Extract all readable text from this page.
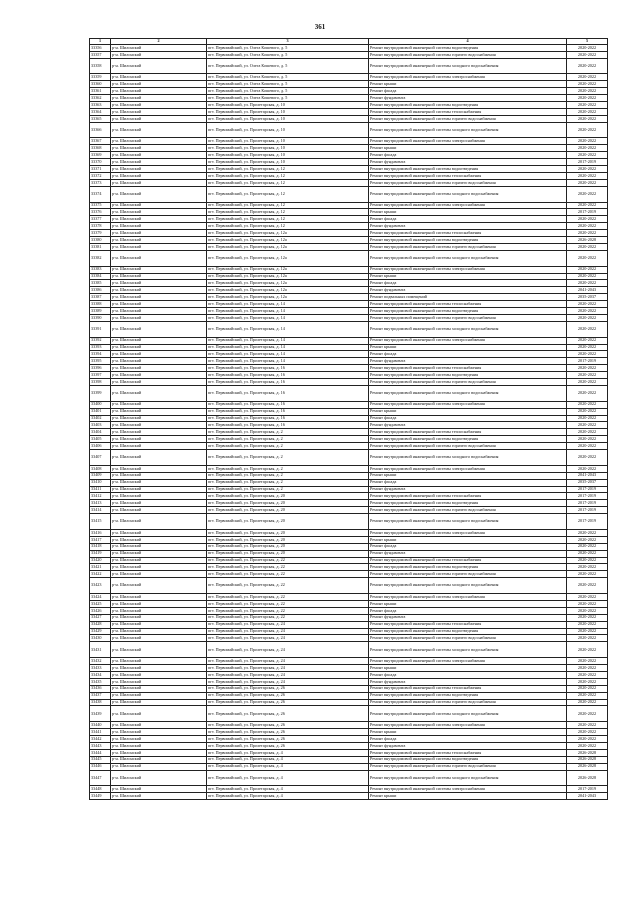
361
1	2	3	4	5
33356	р-н. Шилонский	пгт. Первомайский, ул. Олега Кошевого, д. 5	Ремонт внутридомовой инженерной системы водоотведения	2020-2022
33357	р-н. Шилонский	пгт. Первомайский, ул. Олега Кошевого, д. 5	Ремонт внутридомовой инженерной системы горячего водоснабжения	2020-2022
33358	р-н. Шилонский	пгт. Первомайский, ул. Олега Кошевого, д. 5	Ремонт внутридомовой инженерной системы холодного водоснабжения	2020-2022
33359	р-н. Шилонский	пгт. Первомайский, ул. Олега Кошевого, д. 5	Ремонт внутридомовой инженерной системы электроснабжения	2020-2022
33360	р-н. Шилонский	пгт. Первомайский, ул. Олега Кошевого, д. 5	Ремонт крыши	2020-2022
33361	р-н. Шилонский	пгт. Первомайский, ул. Олега Кошевого, д. 5	Ремонт фасада	2020-2022
33362	р-н. Шилонский	пгт. Первомайский, ул. Олега Кошевого, д. 5	Ремонт фундамента	2020-2022
33363	р-н. Шилонский	пгт. Первомайский, ул. Пролетарская, д. 10	Ремонт внутридомовой инженерной системы водоотведения	2020-2022
33364	р-н. Шилонский	пгт. Первомайский, ул. Пролетарская, д. 10	Ремонт внутридомовой инженерной системы теплоснабжения	2020-2022
33365	р-н. Шилонский	пгт. Первомайский, ул. Пролетарская, д. 10	Ремонт внутридомовой инженерной системы горячего водоснабжения	2020-2022
33366	р-н. Шилонский	пгт. Первомайский, ул. Пролетарская, д. 10	Ремонт внутридомовой инженерной системы холодного водоснабжения	2020-2022
33367	р-н. Шилонский	пгт. Первомайский, ул. Пролетарская, д. 10	Ремонт внутридомовой инженерной системы электроснабжения	2020-2022
33368	р-н. Шилонский	пгт. Первомайский, ул. Пролетарская, д. 10	Ремонт крыши	2020-2022
33369	р-н. Шилонский	пгт. Первомайский, ул. Пролетарская, д. 10	Ремонт фасада	2020-2022
33370	р-н. Шилонский	пгт. Первомайский, ул. Пролетарская, д. 10	Ремонт фундамента	2017-2019
33371	р-н. Шилонский	пгт. Первомайский, ул. Пролетарская, д. 12	Ремонт внутридомовой инженерной системы водоотведения	2020-2022
33372	р-н. Шилонский	пгт. Первомайский, ул. Пролетарская, д. 12	Ремонт внутридомовой инженерной системы теплоснабжения	2020-2022
33373	р-н. Шилонский	пгт. Первомайский, ул. Пролетарская, д. 12	Ремонт внутридомовой инженерной системы горячего водоснабжения	2020-2022
33374	р-н. Шилонский	пгт. Первомайский, ул. Пролетарская, д. 12	Ремонт внутридомовой инженерной системы холодного водоснабжения	2020-2022
33375	р-н. Шилонский	пгт. Первомайский, ул. Пролетарская, д. 12	Ремонт внутридомовой инженерной системы электроснабжения	2020-2022
33376	р-н. Шилонский	пгт. Первомайский, ул. Пролетарская, д. 12	Ремонт крыши	2017-2019
33377	р-н. Шилонский	пгт. Первомайский, ул. Пролетарская, д. 12	Ремонт фасада	2020-2022
33378	р-н. Шилонский	пгт. Первомайский, ул. Пролетарская, д. 12	Ремонт фундамента	2020-2022
33379	р-н. Шилонский	пгт. Первомайский, ул. Пролетарская, д. 12а	Ремонт внутридомовой инженерной системы теплоснабжения	2020-2022
33380	р-н. Шилонский	пгт. Первомайский, ул. Пролетарская, д. 12а	Ремонт внутридомовой инженерной системы водоотведения	2026-2028
33381	р-н. Шилонский	пгт. Первомайский, ул. Пролетарская, д. 12а	Ремонт внутридомовой инженерной системы горячего водоснабжения	2020-2022
33382	р-н. Шилонский	пгт. Первомайский, ул. Пролетарская, д. 12а	Ремонт внутридомовой инженерной системы холодного водоснабжения	2020-2022
33383	р-н. Шилонский	пгт. Первомайский, ул. Пролетарская, д. 12а	Ремонт внутридомовой инженерной системы электроснабжения	2020-2022
33384	р-н. Шилонский	пгт. Первомайский, ул. Пролетарская, д. 12а	Ремонт крыши	2020-2022
33385	р-н. Шилонский	пгт. Первомайский, ул. Пролетарская, д. 12а	Ремонт фасада	2020-2022
33386	р-н. Шилонский	пгт. Первомайский, ул. Пролетарская, д. 12а	Ремонт фундамента	2041-2043
33387	р-н. Шилонский	пгт. Первомайский, ул. Пролетарская, д. 12а	Ремонт подвальных помещений	2035-2037
33388	р-н. Шилонский	пгт. Первомайский, ул. Пролетарская, д. 14	Ремонт внутридомовой инженерной системы теплоснабжения	2020-2022
33389	р-н. Шилонский	пгт. Первомайский, ул. Пролетарская, д. 14	Ремонт внутридомовой инженерной системы водоотведения	2020-2022
33390	р-н. Шилонский	пгт. Первомайский, ул. Пролетарская, д. 14	Ремонт внутридомовой инженерной системы горячего водоснабжения	2020-2022
33391	р-н. Шилонский	пгт. Первомайский, ул. Пролетарская, д. 14	Ремонт внутридомовой инженерной системы холодного водоснабжения	2020-2022
33392	р-н. Шилонский	пгт. Первомайский, ул. Пролетарская, д. 14	Ремонт внутридомовой инженерной системы электроснабжения	2020-2022
33393	р-н. Шилонский	пгт. Первомайский, ул. Пролетарская, д. 14	Ремонт крыши	2020-2022
33394	р-н. Шилонский	пгт. Первомайский, ул. Пролетарская, д. 14	Ремонт фасада	2020-2022
33395	р-н. Шилонский	пгт. Первомайский, ул. Пролетарская, д. 14	Ремонт фундамента	2017-2019
33396	р-н. Шилонский	пгт. Первомайский, ул. Пролетарская, д. 16	Ремонт внутридомовой инженерной системы теплоснабжения	2020-2022
33397	р-н. Шилонский	пгт. Первомайский, ул. Пролетарская, д. 16	Ремонт внутридомовой инженерной системы водоотведения	2020-2022
33398	р-н. Шилонский	пгт. Первомайский, ул. Пролетарская, д. 16	Ремонт внутридомовой инженерной системы горячего водоснабжения	2020-2022
33399	р-н. Шилонский	пгт. Первомайский, ул. Пролетарская, д. 16	Ремонт внутридомовой инженерной системы холодного водоснабжения	2020-2022
33400	р-н. Шилонский	пгт. Первомайский, ул. Пролетарская, д. 16	Ремонт внутридомовой инженерной системы электроснабжения	2020-2022
33401	р-н. Шилонский	пгт. Первомайский, ул. Пролетарская, д. 16	Ремонт крыши	2020-2022
33402	р-н. Шилонский	пгт. Первомайский, ул. Пролетарская, д. 16	Ремонт фасада	2020-2022
33403	р-н. Шилонский	пгт. Первомайский, ул. Пролетарская, д. 16	Ремонт фундамента	2020-2022
33404	р-н. Шилонский	пгт. Первомайский, ул. Пролетарская, д. 2	Ремонт внутридомовой инженерной системы теплоснабжения	2020-2022
33405	р-н. Шилонский	пгт. Первомайский, ул. Пролетарская, д. 2	Ремонт внутридомовой инженерной системы водоотведения	2020-2022
33406	р-н. Шилонский	пгт. Первомайский, ул. Пролетарская, д. 2	Ремонт внутридомовой инженерной системы горячего водоснабжения	2020-2022
33407	р-н. Шилонский	пгт. Первомайский, ул. Пролетарская, д. 2	Ремонт внутридомовой инженерной системы холодного водоснабжения	2020-2022
33408	р-н. Шилонский	пгт. Первомайский, ул. Пролетарская, д. 2	Ремонт внутридомовой инженерной системы электроснабжения	2020-2022
33409	р-н. Шилонский	пгт. Первомайский, ул. Пролетарская, д. 2	Ремонт крыши	2041-2043
33410	р-н. Шилонский	пгт. Первомайский, ул. Пролетарская, д. 2	Ремонт фасада	2035-2037
33411	р-н. Шилонский	пгт. Первомайский, ул. Пролетарская, д. 2	Ремонт фундамента	2017-2019
33412	р-н. Шилонский	пгт. Первомайский, ул. Пролетарская, д. 20	Ремонт внутридомовой инженерной системы теплоснабжения	2017-2019
33413	р-н. Шилонский	пгт. Первомайский, ул. Пролетарская, д. 20	Ремонт внутридомовой инженерной системы водоотведения	2017-2019
33414	р-н. Шилонский	пгт. Первомайский, ул. Пролетарская, д. 20	Ремонт внутридомовой инженерной системы горячего водоснабжения	2017-2019
33415	р-н. Шилонский	пгт. Первомайский, ул. Пролетарская, д. 20	Ремонт внутридомовой инженерной системы холодного водоснабжения	2017-2019
33416	р-н. Шилонский	пгт. Первомайский, ул. Пролетарская, д. 20	Ремонт внутридомовой инженерной системы электроснабжения	2020-2022
33417	р-н. Шилонский	пгт. Первомайский, ул. Пролетарская, д. 20	Ремонт крыши	2020-2022
33418	р-н. Шилонский	пгт. Первомайский, ул. Пролетарская, д. 20	Ремонт фасада	2020-2022
33419	р-н. Шилонский	пгт. Первомайский, ул. Пролетарская, д. 20	Ремонт фундамента	2020-2022
33420	р-н. Шилонский	пгт. Первомайский, ул. Пролетарская, д. 22	Ремонт внутридомовой инженерной системы теплоснабжения	2020-2022
33421	р-н. Шилонский	пгт. Первомайский, ул. Пролетарская, д. 22	Ремонт внутридомовой инженерной системы водоотведения	2020-2022
33422	р-н. Шилонский	пгт. Первомайский, ул. Пролетарская, д. 22	Ремонт внутридомовой инженерной системы горячего водоснабжения	2020-2022
33423	р-н. Шилонский	пгт. Первомайский, ул. Пролетарская, д. 22	Ремонт внутридомовой инженерной системы холодного водоснабжения	2020-2022
33424	р-н. Шилонский	пгт. Первомайский, ул. Пролетарская, д. 22	Ремонт внутридомовой инженерной системы электроснабжения	2020-2022
33425	р-н. Шилонский	пгт. Первомайский, ул. Пролетарская, д. 22	Ремонт крыши	2020-2022
33426	р-н. Шилонский	пгт. Первомайский, ул. Пролетарская, д. 22	Ремонт фасада	2020-2022
33427	р-н. Шилонский	пгт. Первомайский, ул. Пролетарская, д. 22	Ремонт фундамента	2020-2022
33428	р-н. Шилонский	пгт. Первомайский, ул. Пролетарская, д. 24	Ремонт внутридомовой инженерной системы теплоснабжения	2020-2022
33429	р-н. Шилонский	пгт. Первомайский, ул. Пролетарская, д. 24	Ремонт внутридомовой инженерной системы водоотведения	2020-2022
33430	р-н. Шилонский	пгт. Первомайский, ул. Пролетарская, д. 24	Ремонт внутридомовой инженерной системы горячего водоснабжения	2020-2022
33431	р-н. Шилонский	пгт. Первомайский, ул. Пролетарская, д. 24	Ремонт внутридомовой инженерной системы холодного водоснабжения	2020-2022
33432	р-н. Шилонский	пгт. Первомайский, ул. Пролетарская, д. 24	Ремонт внутридомовой инженерной системы электроснабжения	2020-2022
33433	р-н. Шилонский	пгт. Первомайский, ул. Пролетарская, д. 24	Ремонт крыши	2020-2022
33434	р-н. Шилонский	пгт. Первомайский, ул. Пролетарская, д. 24	Ремонт фасада	2020-2022
33435	р-н. Шилонский	пгт. Первомайский, ул. Пролетарская, д. 24	Ремонт фундамента	2020-2022
33436	р-н. Шилонский	пгт. Первомайский, ул. Пролетарская, д. 26	Ремонт внутридомовой инженерной системы теплоснабжения	2020-2022
33437	р-н. Шилонский	пгт. Первомайский, ул. Пролетарская, д. 26	Ремонт внутридомовой инженерной системы водоотведения	2020-2022
33438	р-н. Шилонский	пгт. Первомайский, ул. Пролетарская, д. 26	Ремонт внутридомовой инженерной системы горячего водоснабжения	2020-2022
33439	р-н. Шилонский	пгт. Первомайский, ул. Пролетарская, д. 26	Ремонт внутридомовой инженерной системы холодного водоснабжения	2020-2022
33440	р-н. Шилонский	пгт. Первомайский, ул. Пролетарская, д. 26	Ремонт внутридомовой инженерной системы электроснабжения	2020-2022
33441	р-н. Шилонский	пгт. Первомайский, ул. Пролетарская, д. 26	Ремонт крыши	2020-2022
33442	р-н. Шилонский	пгт. Первомайский, ул. Пролетарская, д. 26	Ремонт фасада	2020-2022
33443	р-н. Шилонский	пгт. Первомайский, ул. Пролетарская, д. 26	Ремонт фундамента	2020-2022
33444	р-н. Шилонский	пгт. Первомайский, ул. Пролетарская, д. 4	Ремонт внутридомовой инженерной системы теплоснабжения	2026-2028
33445	р-н. Шилонский	пгт. Первомайский, ул. Пролетарская, д. 4	Ремонт внутридомовой инженерной системы водоотведения	2026-2028
33446	р-н. Шилонский	пгт. Первомайский, ул. Пролетарская, д. 4	Ремонт внутридомовой инженерной системы горячего водоснабжения	2026-2028
33447	р-н. Шилонский	пгт. Первомайский, ул. Пролетарская, д. 4	Ремонт внутридомовой инженерной системы холодного водоснабжения	2026-2028
33448	р-н. Шилонский	пгт. Первомайский, ул. Пролетарская, д. 4	Ремонт внутридомовой инженерной системы электроснабжения	2017-2019
33449	р-н. Шилонский	пгт. Первомайский, ул. Пролетарская, д. 4	Ремонт крыши	2041-2043
